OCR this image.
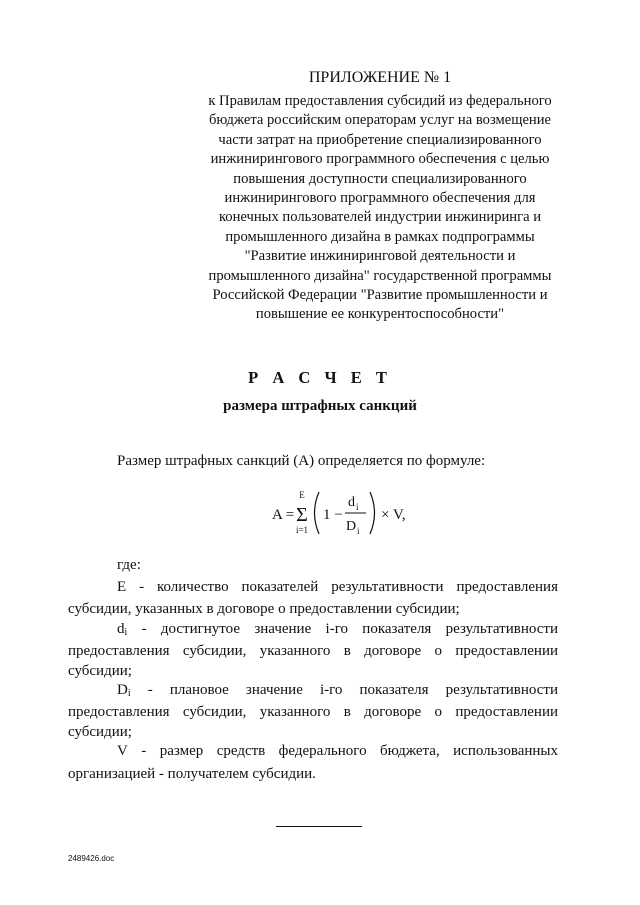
ПРИЛОЖЕНИЕ № 1
к Правилам предоставления субсидий из федерального бюджета российским операторам услуг на возмещение части затрат на приобретение специализированного инжинирингового программного обеспечения с целью повышения доступности специализированного инжинирингового программного обеспечения для конечных пользователей индустрии инжиниринга и промышленного дизайна в рамках подпрограммы "Развитие инжиниринговой деятельности и промышленного дизайна" государственной программы Российской Федерации "Развитие промышленности и повышение ее конкурентоспособности"
Р А С Ч Е Т
размера штрафных санкций
Размер штрафных санкций (А) определяется по формуле:
A =
E
Σ
i=1
1 −
d i
D i
× V,
где:

Е - количество показателей результативности предоставления субсидии, указанных в договоре о предоставлении субсидии;

$d_i$ - достигнутое значение i-го показателя результативности предоставления субсидии, указанного в договоре о предоставлении субсидии;

$D_i$ - плановое значение i-го показателя результативности предоставления субсидии, указанного в договоре о предоставлении субсидии;

V - размер средств федерального бюджета, использованных организацией - получателем субсидии.

2489426.doc
